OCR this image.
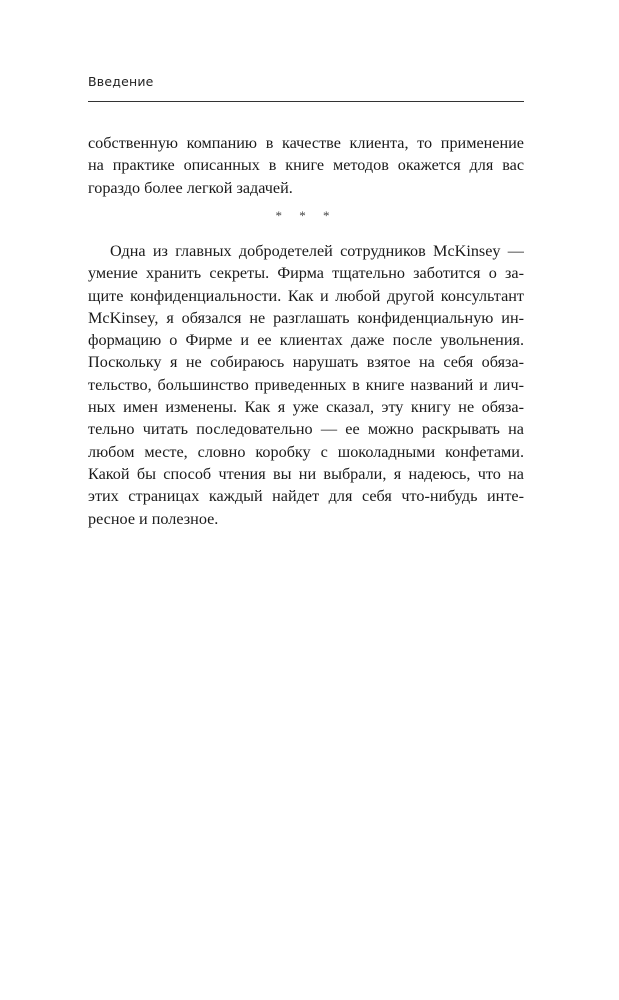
Введение
собственную компанию в качестве клиента, то применение
на практике описанных в книге методов окажется для вас
гораздо более легкой задачей.
* * *
Одна из главных добродетелей сотрудников McKinsey —
умение хранить секреты. Фирма тщательно заботится о за-
щите конфиденциальности. Как и любой другой консультант
McKinsey, я обязался не разглашать конфиденциальную ин-
формацию о Фирме и ее клиентах даже после увольнения.
Поскольку я не собираюсь нарушать взятое на себя обяза-
тельство, большинство приведенных в книге названий и лич-
ных имен изменены. Как я уже сказал, эту книгу не обяза-
тельно читать последовательно — ее можно раскрывать на
любом месте, словно коробку с шоколадными конфетами.
Какой бы способ чтения вы ни выбрали, я надеюсь, что на
этих страницах каждый найдет для себя что-нибудь инте-
ресное и полезное.
